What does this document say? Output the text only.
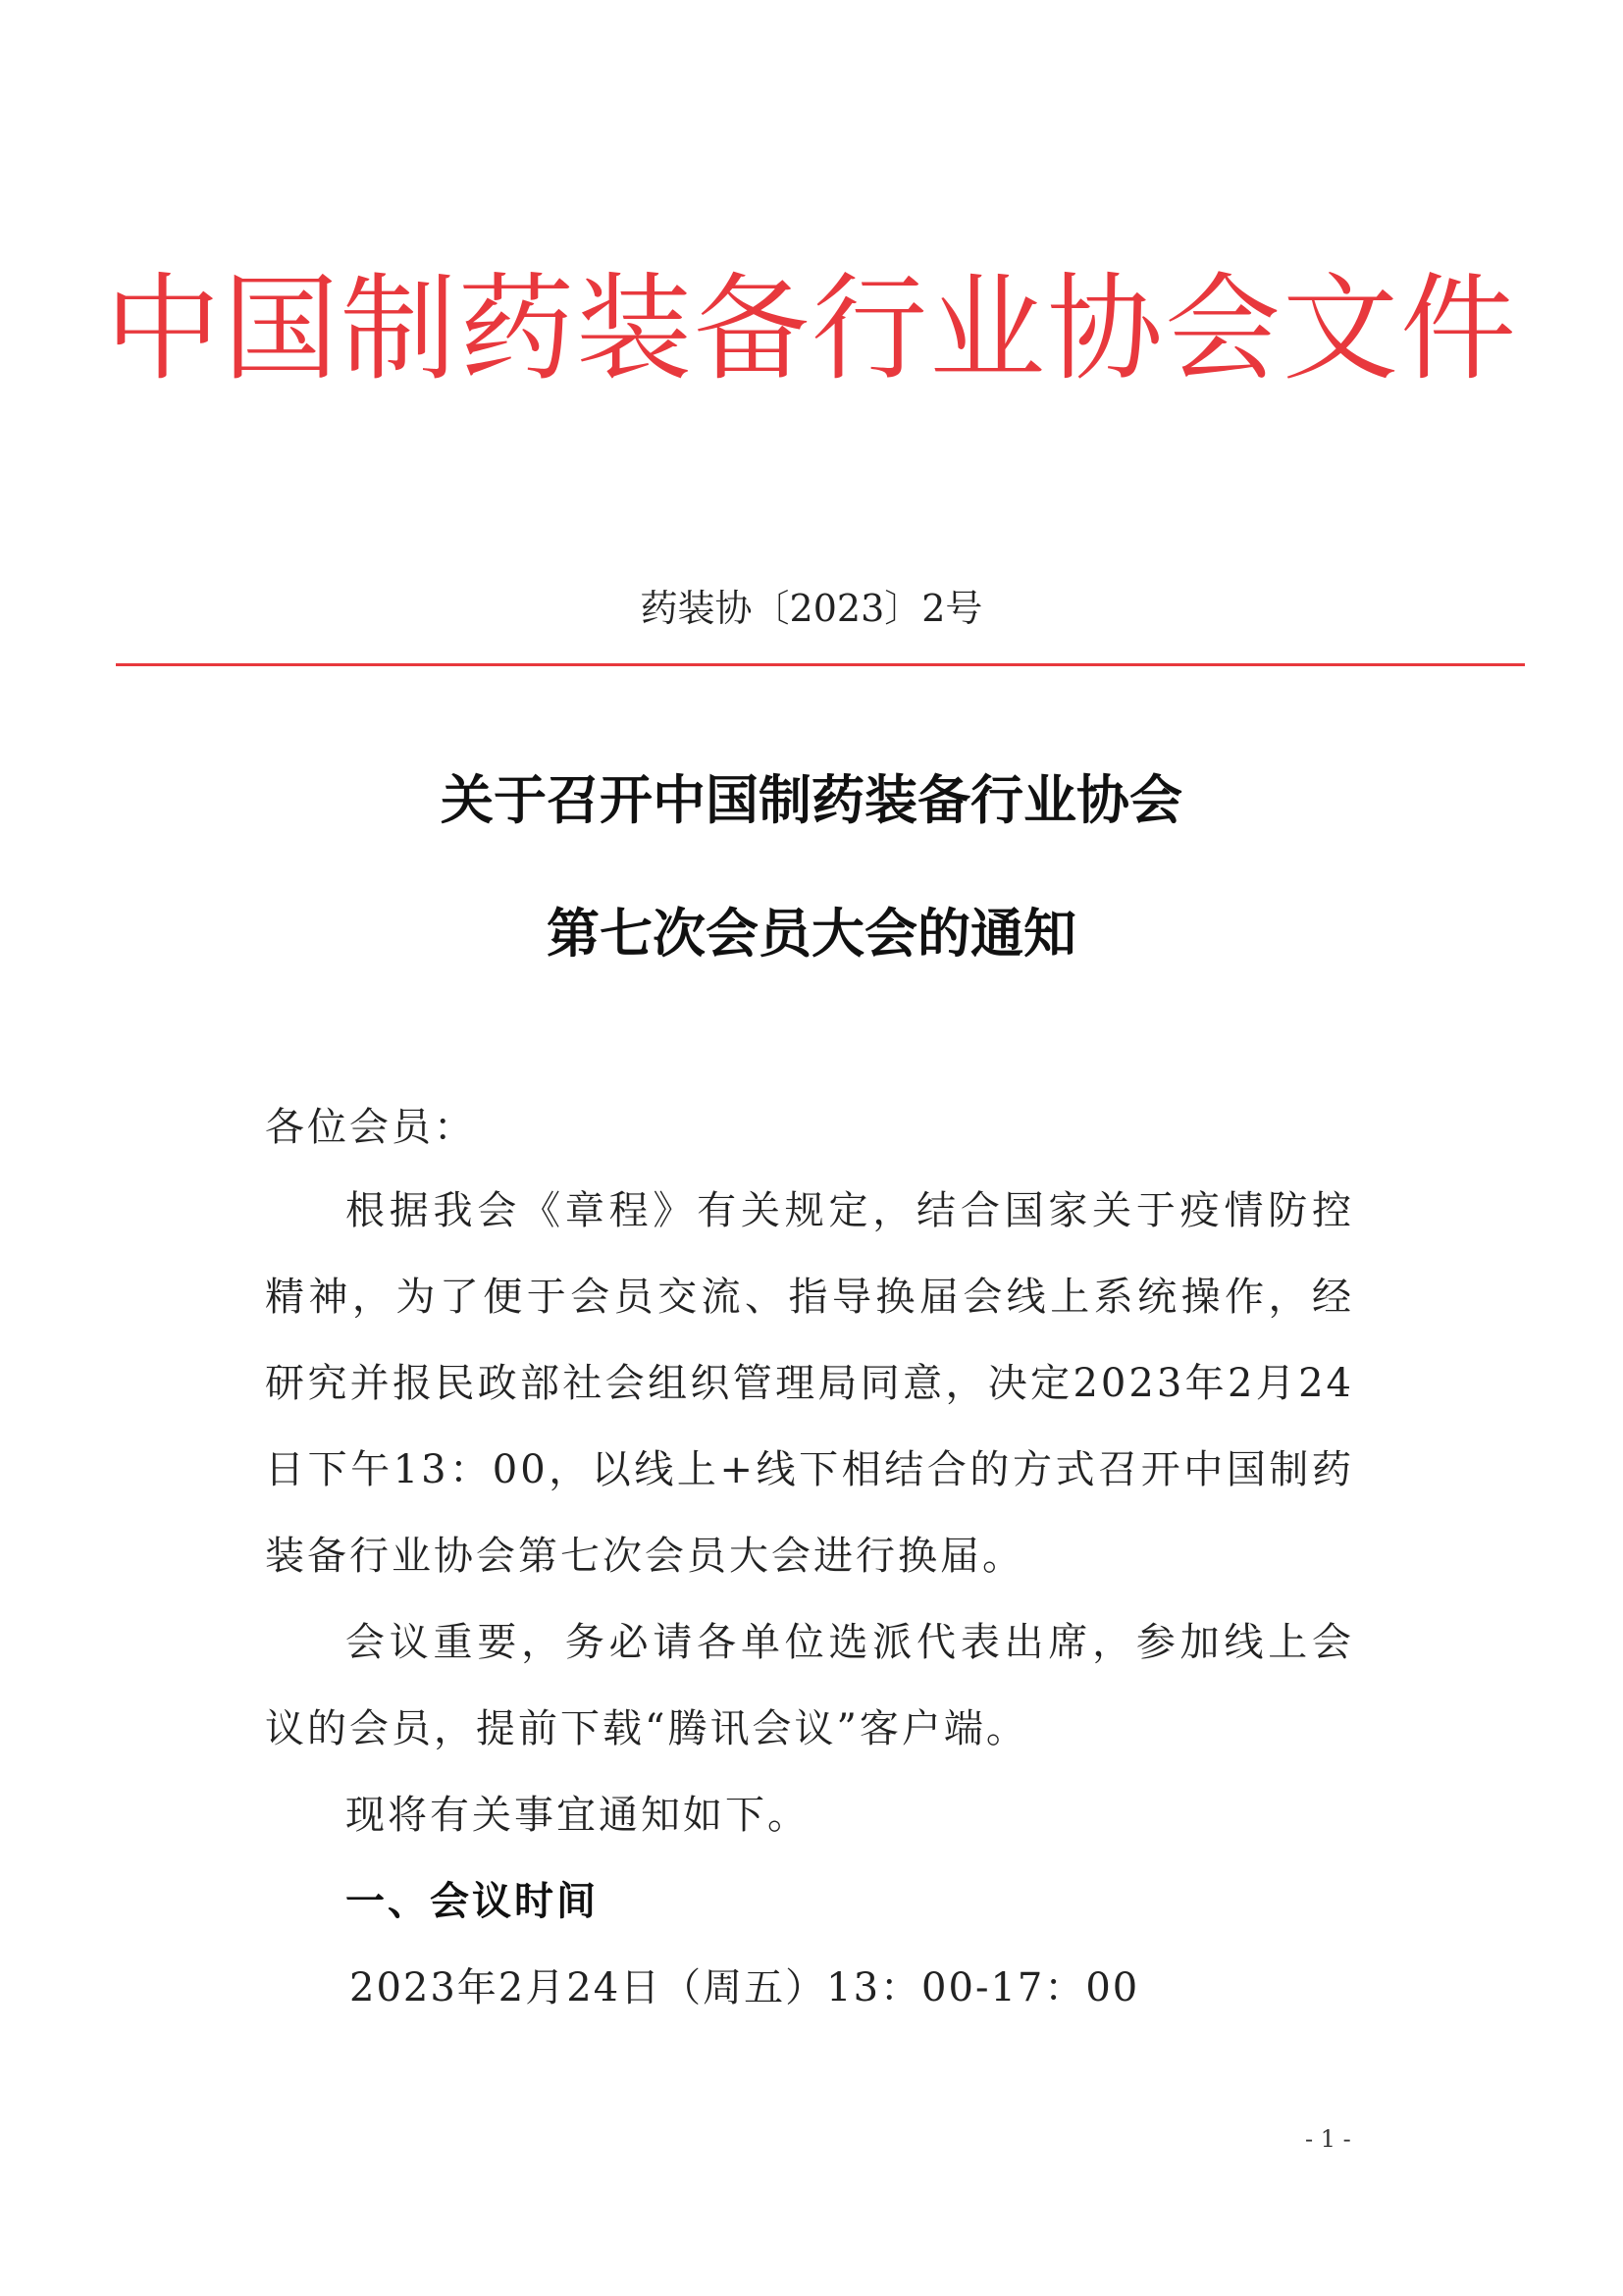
中国制药装备行业协会文件
药装协〔2023〕2号
关于召开中国制药装备行业协会
第七次会员大会的通知
各位会员：
根据我会《章程》有关规定，结合国家关于疫情防控精神，为了便于会员交流、指导换届会线上系统操作，经研究并报民政部社会组织管理局同意，决定2023年2月24日下午13：00，以线上+线下相结合的方式召开中国制药装备行业协会第七次会员大会进行换届。
会议重要，务必请各单位选派代表出席，参加线上会议的会员，提前下载“腾讯会议”客户端。
现将有关事宜通知如下。
一、会议时间
2023年2月24日（周五）13：00-17：00
- 1 -
